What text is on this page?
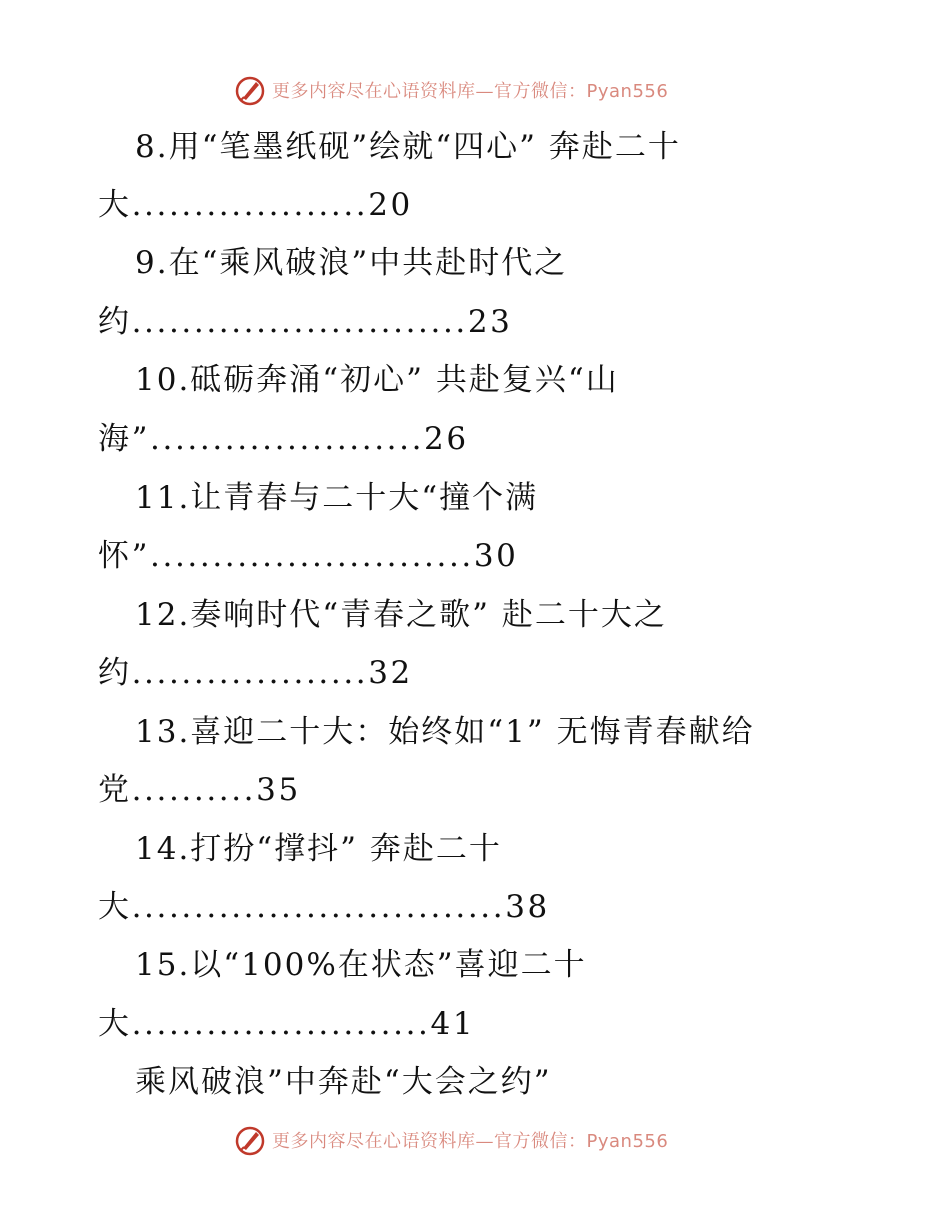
更多内容尽在心语资料库—官方微信：Pyan556
8.用“笔墨纸砚”绘就“四心” 奔赴二十
大...................20
9.在“乘风破浪”中共赴时代之
约...........................23
10.砥砺奔涌“初心” 共赴复兴“山
海”......................26
11.让青春与二十大“撞个满
怀”..........................30
12.奏响时代“青春之歌” 赴二十大之
约...................32
13.喜迎二十大：始终如“1” 无悔青春献给
党..........35
14.打扮“撑抖” 奔赴二十
大..............................38
15.以“100%在状态”喜迎二十
大........................41
乘风破浪”中奔赴“大会之约”
更多内容尽在心语资料库—官方微信：Pyan556
